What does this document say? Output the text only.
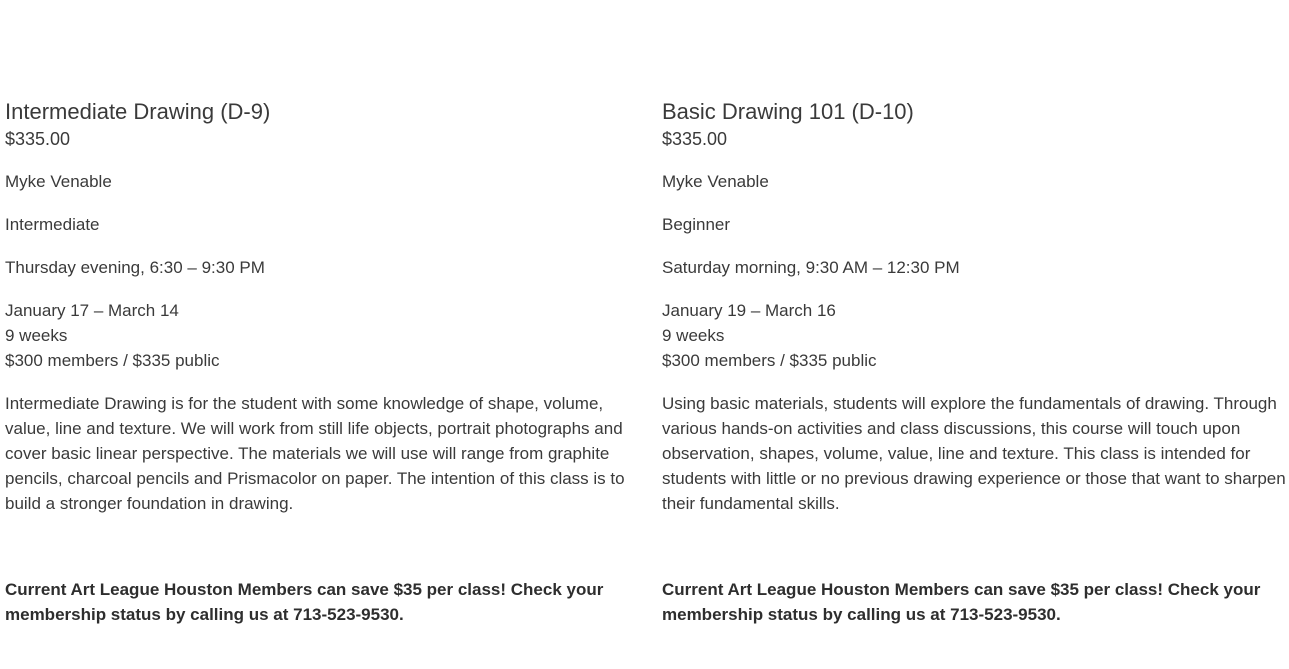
Intermediate Drawing (D-9)
$335.00
Myke Venable
Intermediate
Thursday evening, 6:30 – 9:30 PM
January 17 – March 14
9 weeks
$300 members / $335 public

Intermediate Drawing is for the student with some knowledge of shape, volume, value, line and texture. We will work from still life objects, portrait photographs and cover basic linear perspective. The materials we will use will range from graphite pencils, charcoal pencils and Prismacolor on paper. The intention of this class is to build a stronger foundation in drawing.

Current Art League Houston Members can save $35 per class! Check your membership status by calling us at 713-523-9530.

Basic Drawing 101 (D-10)
$335.00
Myke Venable
Beginner
Saturday morning, 9:30 AM – 12:30 PM
January 19 – March 16
9 weeks
$300 members / $335 public

Using basic materials, students will explore the fundamentals of drawing. Through various hands-on activities and class discussions, this course will touch upon observation, shapes, volume, value, line and texture. This class is intended for students with little or no previous drawing experience or those that want to sharpen their fundamental skills.

Current Art League Houston Members can save $35 per class! Check your membership status by calling us at 713-523-9530.
